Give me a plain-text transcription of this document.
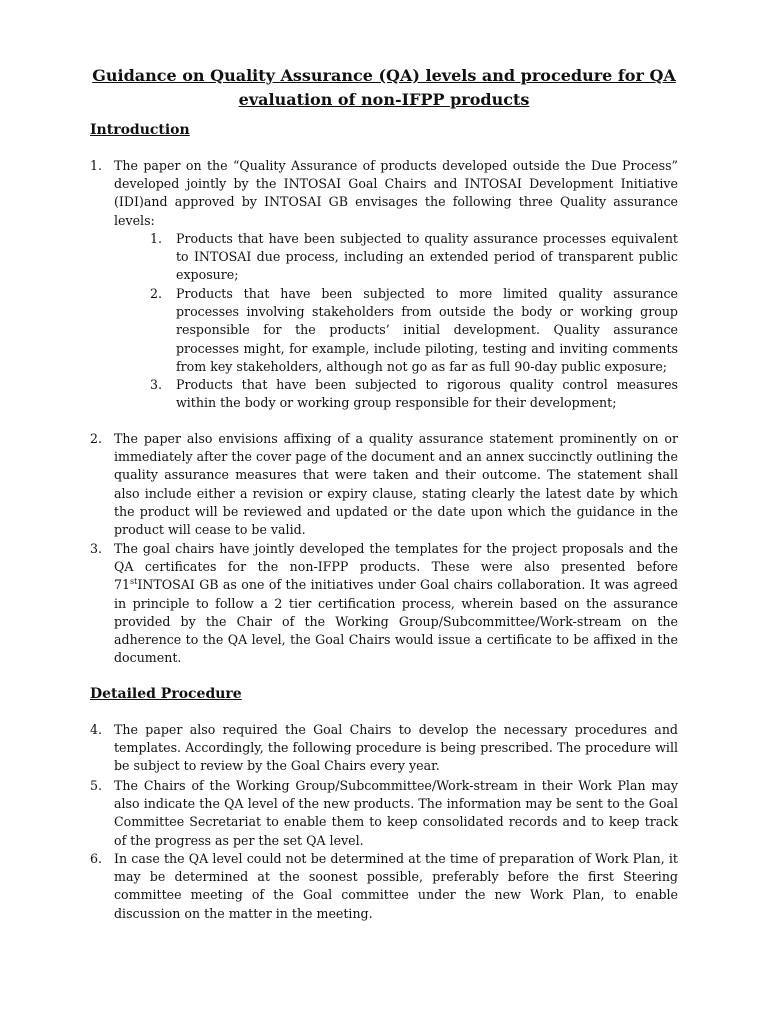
Guidance on Quality Assurance (QA) levels and procedure for QA evaluation of non-IFPP products
Introduction
1. The paper on the “Quality Assurance of products developed outside the Due Process” developed jointly by the INTOSAI Goal Chairs and INTOSAI Development Initiative (IDI)and approved by INTOSAI GB envisages the following three Quality assurance levels:
1.	Products that have been subjected to quality assurance processes equivalent to INTOSAI due process, including an extended period of transparent public exposure;
2.	Products that have been subjected to more limited quality assurance processes involving stakeholders from outside the body or working group responsible for the products’ initial development. Quality assurance processes might, for example, include piloting, testing and inviting comments from key stakeholders, although not go as far as full 90-day public exposure;
3.	Products that have been subjected to rigorous quality control measures within the body or working group responsible for their development;
2. The paper also envisions affixing of a quality assurance statement prominently on or immediately after the cover page of the document and an annex succinctly outlining the quality assurance measures that were taken and their outcome. The statement shall also include either a revision or expiry clause, stating clearly the latest date by which the product will be reviewed and updated or the date upon which the guidance in the product will cease to be valid.
3. The goal chairs have jointly developed the templates for the project proposals and the QA certificates for the non-IFPP products. These were also presented before 71stINTOSAI GB as one of the initiatives under Goal chairs collaboration. It was agreed in principle to follow a 2 tier certification process, wherein based on the assurance provided by the Chair of the Working Group/Subcommittee/Work-stream on the adherence to the QA level, the Goal Chairs would issue a certificate to be affixed in the document.
Detailed Procedure
4. The paper also required the Goal Chairs to develop the necessary procedures and templates. Accordingly, the following procedure is being prescribed. The procedure will be subject to review by the Goal Chairs every year.
5. The Chairs of the Working Group/Subcommittee/Work-stream in their Work Plan may also indicate the QA level of the new products. The information may be sent to the Goal Committee Secretariat to enable them to keep consolidated records and to keep track of the progress as per the set QA level.
6. In case the QA level could not be determined at the time of preparation of Work Plan, it may be determined at the soonest possible, preferably before the first Steering committee meeting of the Goal committee under the new Work Plan, to enable discussion on the matter in the meeting.
